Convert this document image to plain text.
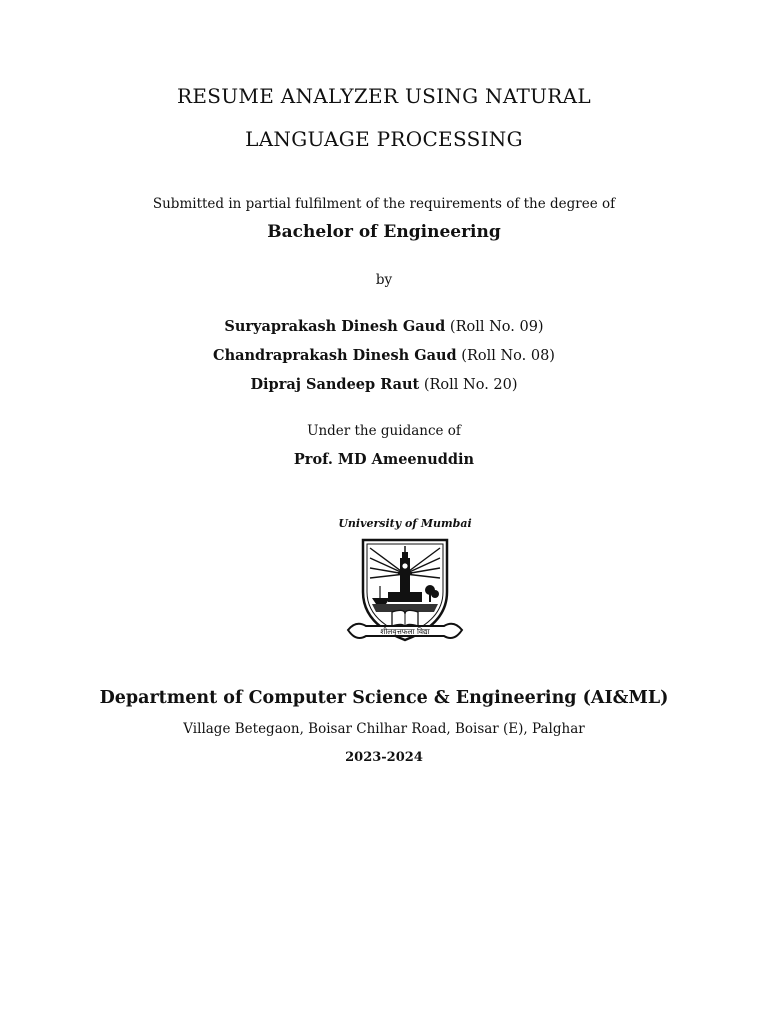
RESUME ANALYZER USING NATURAL
LANGUAGE PROCESSING
Submitted in partial fulfilment of the requirements of the degree of
Bachelor of Engineering
by
Suryaprakash Dinesh Gaud (Roll No. 09)
Chandraprakash Dinesh Gaud (Roll No. 08)
Dipraj Sandeep Raut (Roll No. 20)
Under the guidance of
Prof. MD Ameenuddin
University of Mumbai
शीलवृत्तफला विद्या
Department of Computer Science & Engineering (AI&ML)
Village Betegaon, Boisar Chilhar Road, Boisar (E), Palghar
2023-2024
